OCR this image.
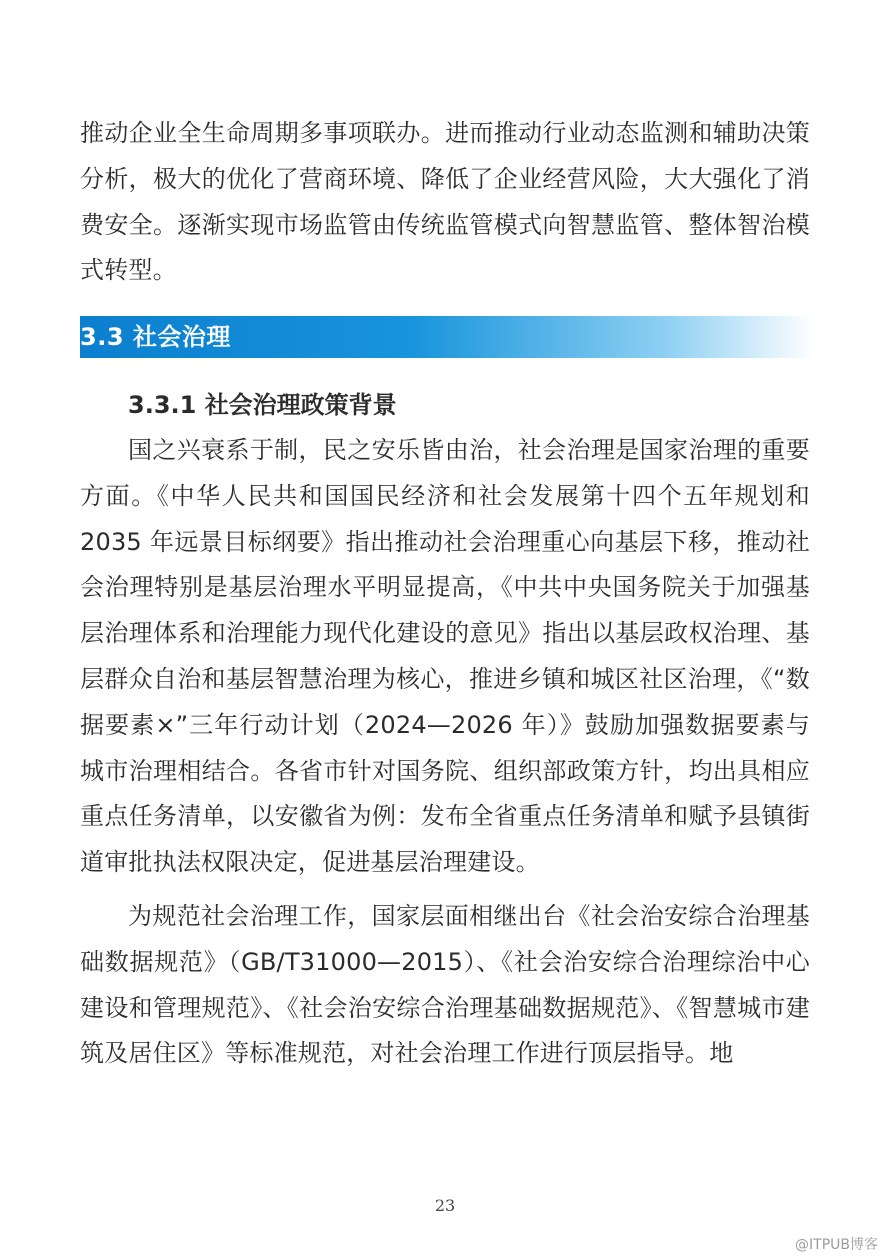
推动企业全生命周期多事项联办。进而推动行业动态监测和辅助决策分析，极大的优化了营商环境、降低了企业经营风险，大大强化了消费安全。逐渐实现市场监管由传统监管模式向智慧监管、整体智治模式转型。

3.3 社会治理
3.3.1 社会治理政策背景

国之兴衰系于制，民之安乐皆由治，社会治理是国家治理的重要方面。《中华人民共和国国民经济和社会发展第十四个五年规划和 2035 年远景目标纲要》指出推动社会治理重心向基层下移，推动社会治理特别是基层治理水平明显提高，《中共中央国务院关于加强基层治理体系和治理能力现代化建设的意见》指出以基层政权治理、基层群众自治和基层智慧治理为核心，推进乡镇和城区社区治理，《“数据要素×”三年行动计划（2024—2026 年）》鼓励加强数据要素与城市治理相结合。各省市针对国务院、组织部政策方针，均出具相应重点任务清单，以安徽省为例：发布全省重点任务清单和赋予县镇街道审批执法权限决定，促进基层治理建设。

为规范社会治理工作，国家层面相继出台《社会治安综合治理基础数据规范》（GB/T31000—2015）、《社会治安综合治理综治中心建设和管理规范》、《社会治安综合治理基础数据规范》、《智慧城市建筑及居住区》等标准规范，对社会治理工作进行顶层指导。地

23
@ITPUB博客
